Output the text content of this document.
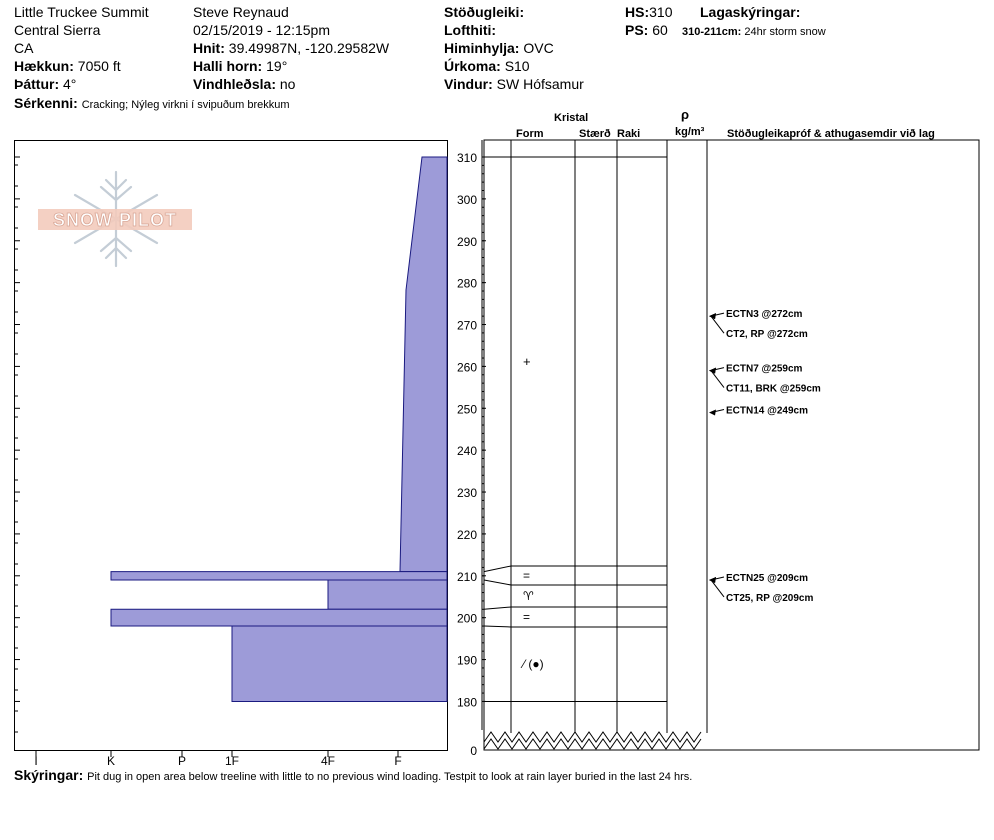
Little Truckee Summit
Central Sierra
CA
Hækkun: 7050 ft
Þáttur: 4°
Sérkenni: Cracking; Nýleg virkni í svipuðum brekkum
Steve Reynaud
02/15/2019 - 12:15pm
Hnit: 39.49987N, -120.29582W
Halli horn: 19°
Vindhleðsla: no
Stöðugleiki:
Lofthiti:
Himinhylja: OVC
Úrkoma: S10
Vindur: SW Hófsamur
HS:310
PS: 60
Lagaskýringar:
310-211cm: 24hr storm snow
Kristal
Form	Stærð Raki
ρ
kg/m³ Stöðugleikapróf & athugasemdir við lag
SNOW PILOT
I	K	P	1F	4F	F
0
180
190
200
210
220
230
240
250
260
270
280
290
300
310
=
♈
=
⁄ (●)
+
ECTN3 @272cm
CT2, RP @272cm
ECTN7 @259cm
CT11, BRK @259cm
ECTN14 @249cm
ECTN25 @209cm
CT25, RP @209cm
Skýringar: Pit dug in open area below treeline with little to no previous wind loading. Testpit to look at rain layer buried in the last 24 hrs.
